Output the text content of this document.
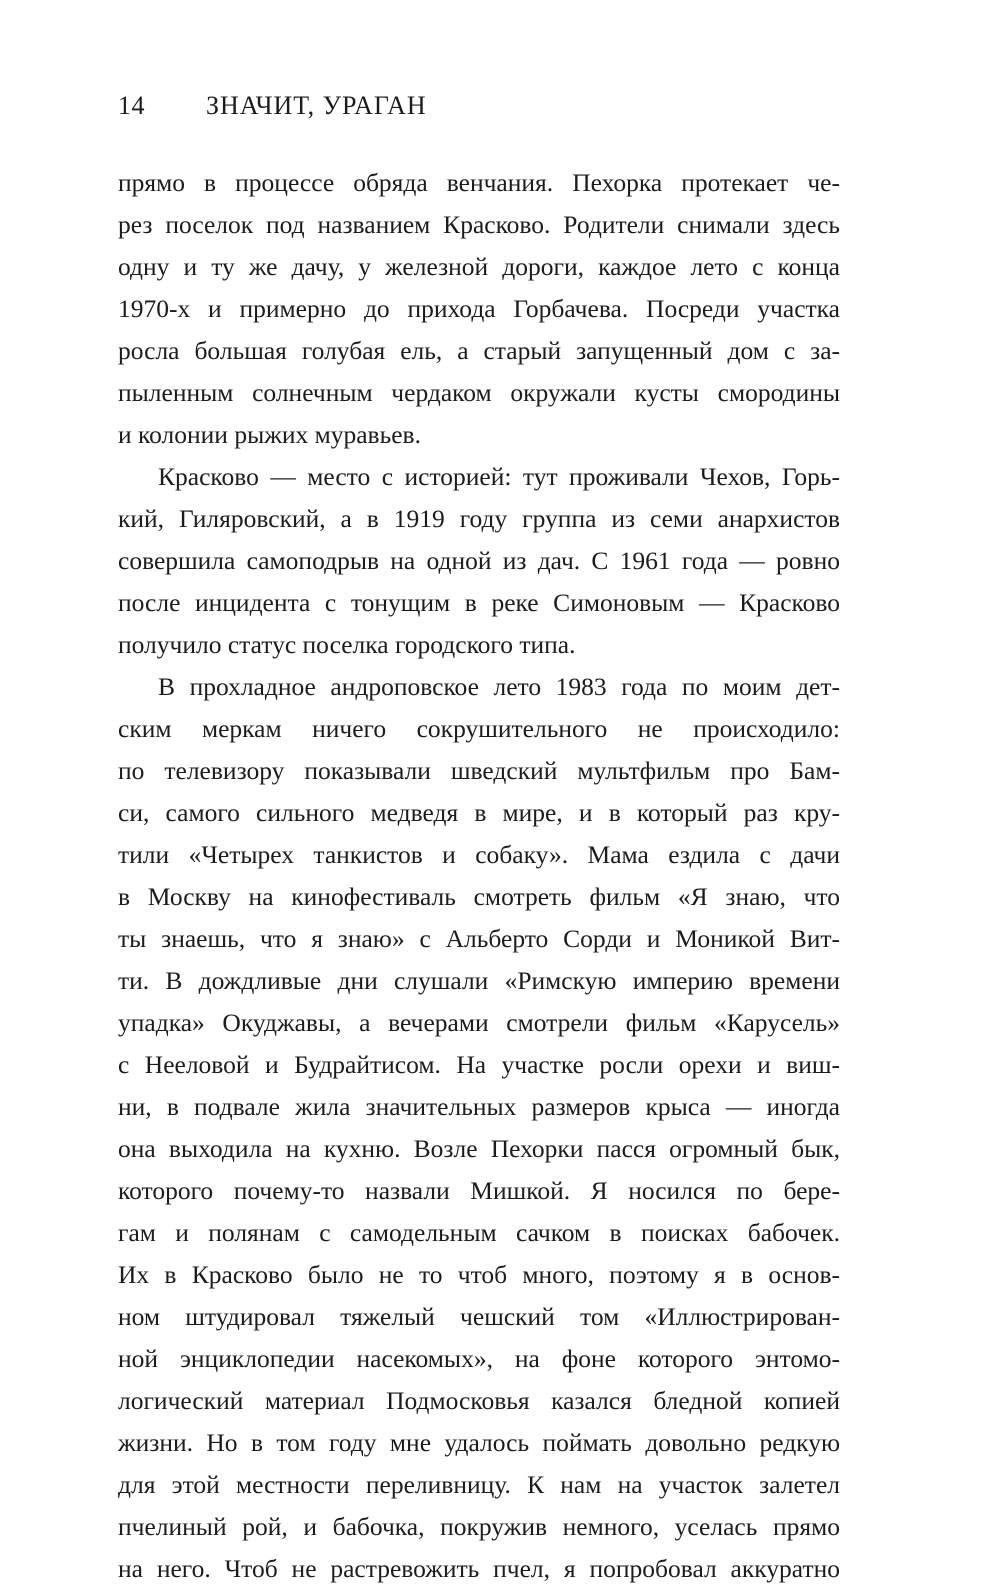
14 ЗНАЧИТ, УРАГАН
прямо в процессе обряда венчания. Пехорка протекает че-
рез поселок под названием Красково. Родители снимали здесь
одну и ту же дачу, у железной дороги, каждое лето с конца
1970-х и примерно до прихода Горбачева. Посреди участка
росла большая голубая ель, а старый запущенный дом с за-
пыленным солнечным чердаком окружали кусты смородины
и колонии рыжих муравьев.
Красково — место с историей: тут проживали Чехов, Горь-
кий, Гиляровский, а в 1919 году группа из семи анархистов
совершила самоподрыв на одной из дач. С 1961 года — ровно
после инцидента с тонущим в реке Симоновым — Красково
получило статус поселка городского типа.
В прохладное андроповское лето 1983 года по моим дет-
ским меркам ничего сокрушительного не происходило:
по телевизору показывали шведский мультфильм про Бам-
си, самого сильного медведя в мире, и в который раз кру-
тили «Четырех танкистов и собаку». Мама ездила с дачи
в Москву на кинофестиваль смотреть фильм «Я знаю, что
ты знаешь, что я знаю» с Альберто Сорди и Моникой Вит-
ти. В дождливые дни слушали «Римскую империю времени
упадка» Окуджавы, а вечерами смотрели фильм «Карусель»
с Нееловой и Будрайтисом. На участке росли орехи и виш-
ни, в подвале жила значительных размеров крыса — иногда
она выходила на кухню. Возле Пехорки пасся огромный бык,
которого почему-то назвали Мишкой. Я носился по бере-
гам и полянам с самодельным сачком в поисках бабочек.
Их в Красково было не то чтоб много, поэтому я в основ-
ном штудировал тяжелый чешский том «Иллюстрирован-
ной энциклопедии насекомых», на фоне которого энтомо-
логический материал Подмосковья казался бледной копией
жизни. Но в том году мне удалось поймать довольно редкую
для этой местности переливницу. К нам на участок залетел
пчелиный рой, и бабочка, покружив немного, уселась прямо
на него. Чтоб не растревожить пчел, я попробовал аккуратно
